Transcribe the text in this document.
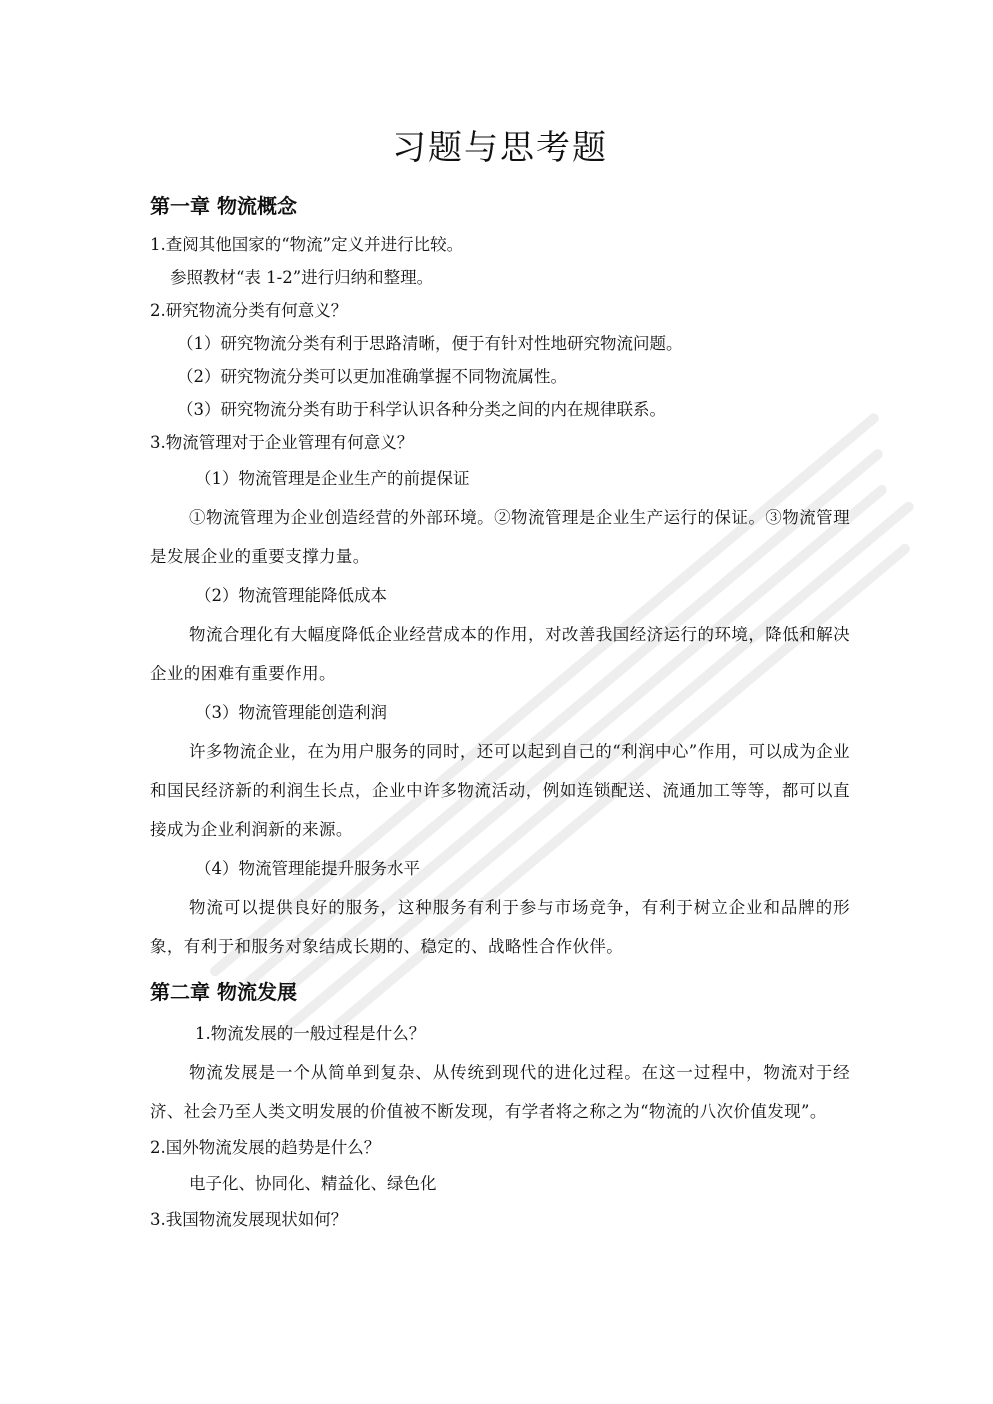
习题与思考题
第一章 物流概念

1.查阅其他国家的“物流”定义并进行比较。

参照教材“表 1-2”进行归纳和整理。

2.研究物流分类有何意义？

（1）研究物流分类有利于思路清晰，便于有针对性地研究物流问题。

（2）研究物流分类可以更加准确掌握不同物流属性。

（3）研究物流分类有助于科学认识各种分类之间的内在规律联系。

3.物流管理对于企业管理有何意义？

（1）物流管理是企业生产的前提保证

①物流管理为企业创造经营的外部环境。②物流管理是企业生产运行的保证。③物流管理是发展企业的重要支撑力量。

（2）物流管理能降低成本

物流合理化有大幅度降低企业经营成本的作用，对改善我国经济运行的环境，降低和解决企业的困难有重要作用。

（3）物流管理能创造利润

许多物流企业，在为用户服务的同时，还可以起到自己的“利润中心”作用，可以成为企业和国民经济新的利润生长点，企业中许多物流活动，例如连锁配送、流通加工等等，都可以直接成为企业利润新的来源。

（4）物流管理能提升服务水平

物流可以提供良好的服务，这种服务有利于参与市场竞争，有利于树立企业和品牌的形象，有利于和服务对象结成长期的、稳定的、战略性合作伙伴。

第二章 物流发展

1.物流发展的一般过程是什么？

物流发展是一个从简单到复杂、从传统到现代的进化过程。在这一过程中，物流对于经济、社会乃至人类文明发展的价值被不断发现，有学者将之称之为“物流的八次价值发现”。

2.国外物流发展的趋势是什么？

电子化、协同化、精益化、绿色化

3.我国物流发展现状如何？
